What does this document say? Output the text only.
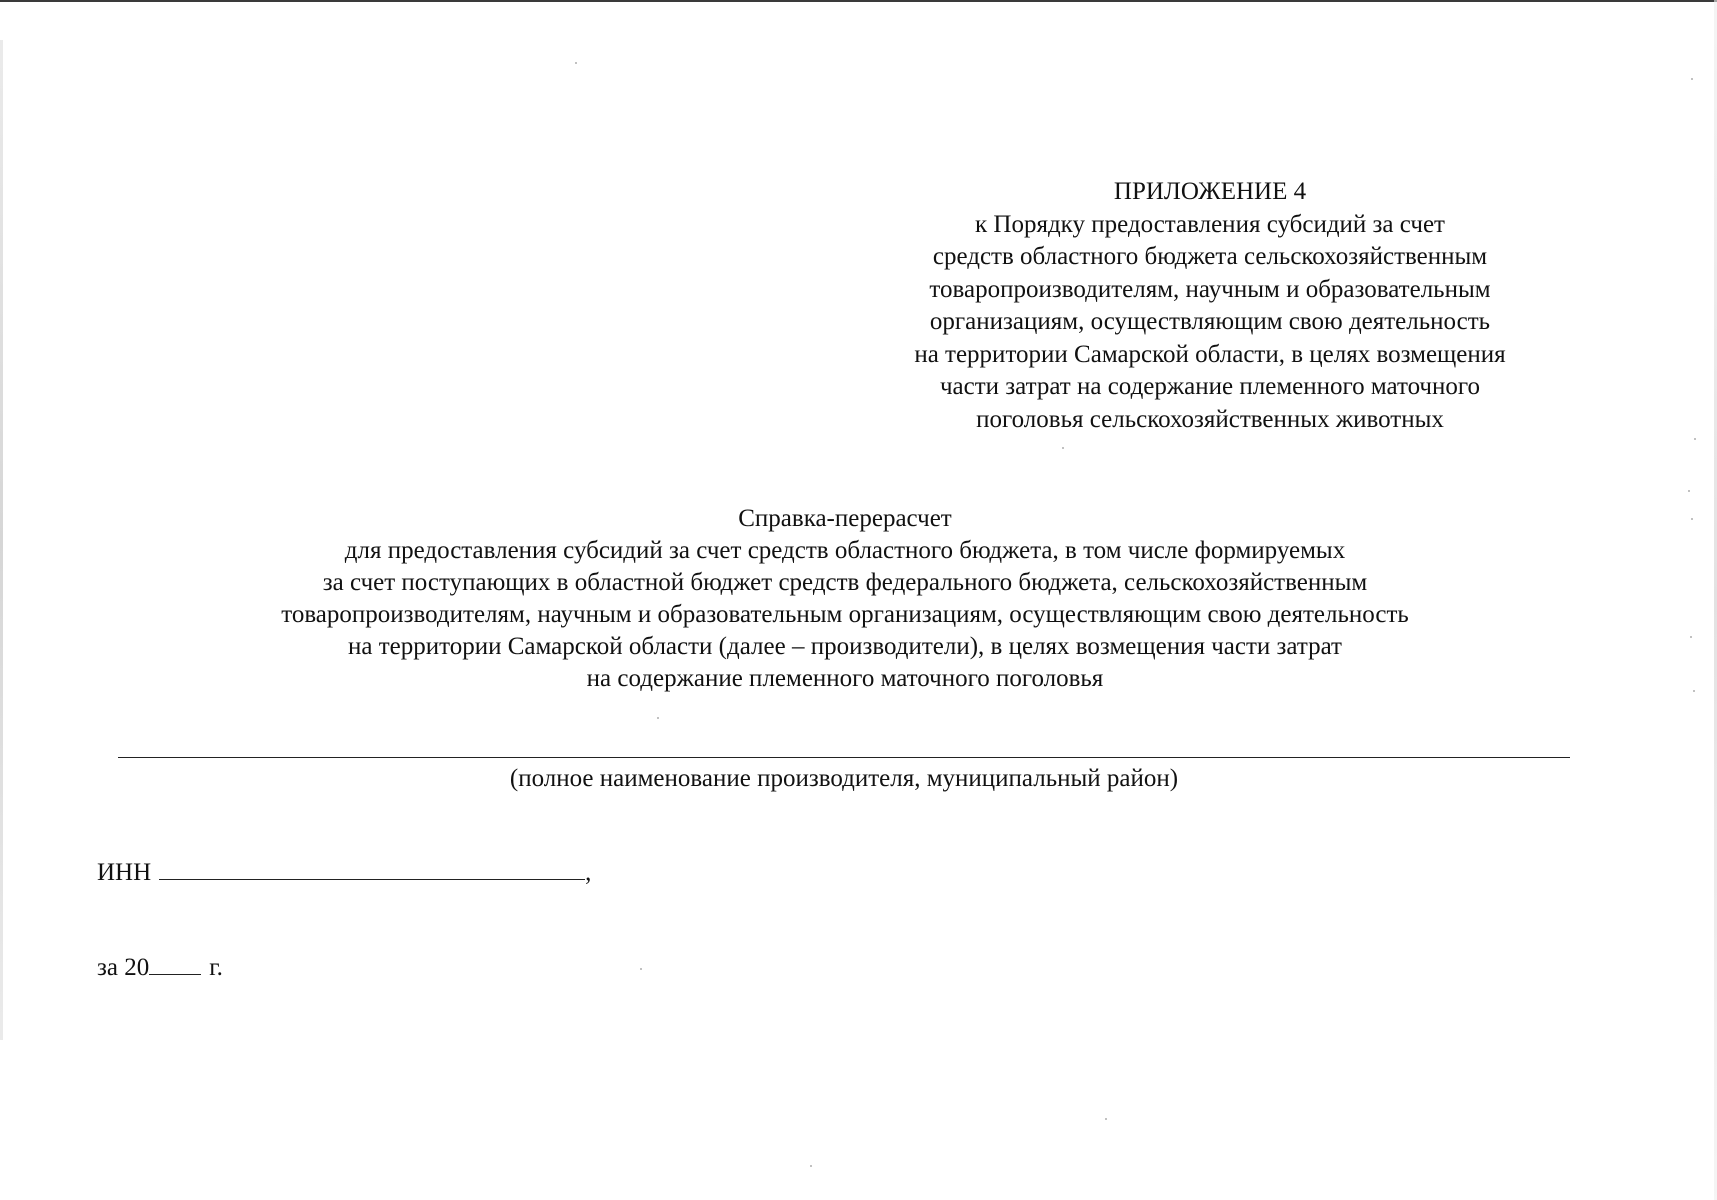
ПРИЛОЖЕНИЕ 4
к Порядку предоставления субсидий за счет
средств областного бюджета сельскохозяйственным
товаропроизводителям, научным и образовательным
организациям, осуществляющим свою деятельность
на территории Самарской области, в целях возмещения
части затрат на содержание племенного маточного
поголовья сельскохозяйственных животных
Справка-перерасчет
для предоставления субсидий за счет средств областного бюджета, в том числе формируемых
за счет поступающих в областной бюджет средств федерального бюджета, сельскохозяйственным
товаропроизводителям, научным и образовательным организациям, осуществляющим свою деятельность
на территории Самарской области (далее – производители), в целях возмещения части затрат
на содержание племенного маточного поголовья
(полное наименование производителя, муниципальный район)
ИНН	,
за 20 г.
